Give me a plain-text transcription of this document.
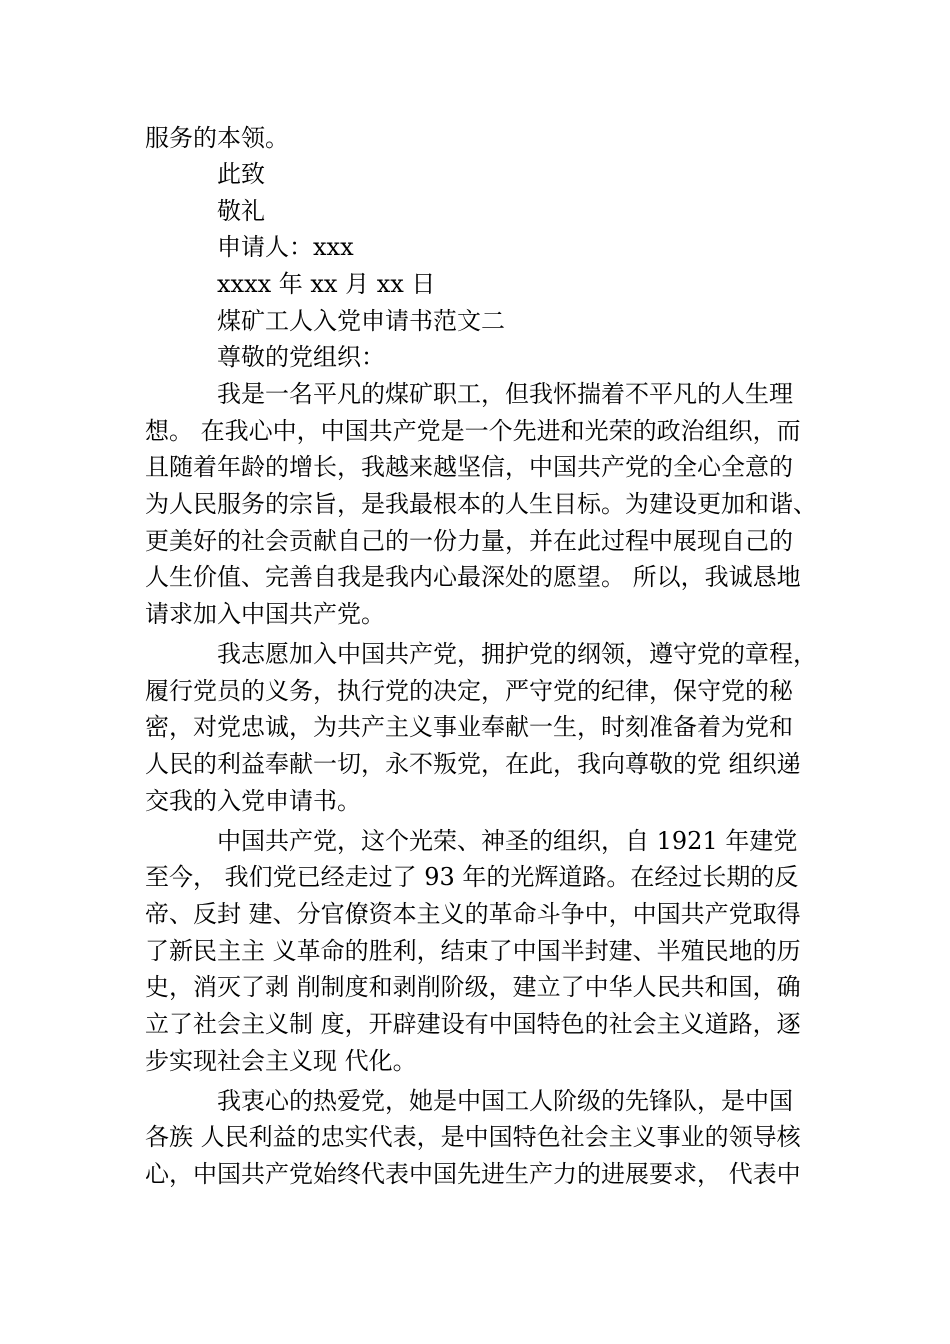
服务的本领。

此致

敬礼

申请人：xxx

xxxx 年 xx 月 xx 日

煤矿工人入党申请书范文二

尊敬的党组织：

我是一名平凡的煤矿职工，但我怀揣着不平凡的人生理

想。 在我心中，中国共产党是一个先进和光荣的政治组织，而

且随着年龄的增长，我越来越坚信，中国共产党的全心全意的

为人民服务的宗旨，是我最根本的人生目标。为建设更加和谐、

更美好的社会贡献自己的一份力量，并在此过程中展现自己的

人生价值、完善自我是我内心最深处的愿望。 所以，我诚恳地

请求加入中国共产党。

我志愿加入中国共产党，拥护党的纲领，遵守党的章程，

履行党员的义务，执行党的决定，严守党的纪律，保守党的秘

密，对党忠诚，为共产主义事业奉献一生，时刻准备着为党和

人民的利益奉献一切，永不叛党，在此，我向尊敬的党 组织递

交我的入党申请书。

中国共产党，这个光荣、神圣的组织，自 1921 年建党

至今， 我们党已经走过了 93 年的光辉道路。在经过长期的反

帝、反封 建、分官僚资本主义的革命斗争中，中国共产党取得

了新民主主 义革命的胜利，结束了中国半封建、半殖民地的历

史，消灭了剥 削制度和剥削阶级，建立了中华人民共和国，确

立了社会主义制 度，开辟建设有中国特色的社会主义道路，逐

步实现社会主义现 代化。

我衷心的热爱党，她是中国工人阶级的先锋队，是中国

各族 人民利益的忠实代表，是中国特色社会主义事业的领导核

心，中国共产党始终代表中国先进生产力的进展要求， 代表中
